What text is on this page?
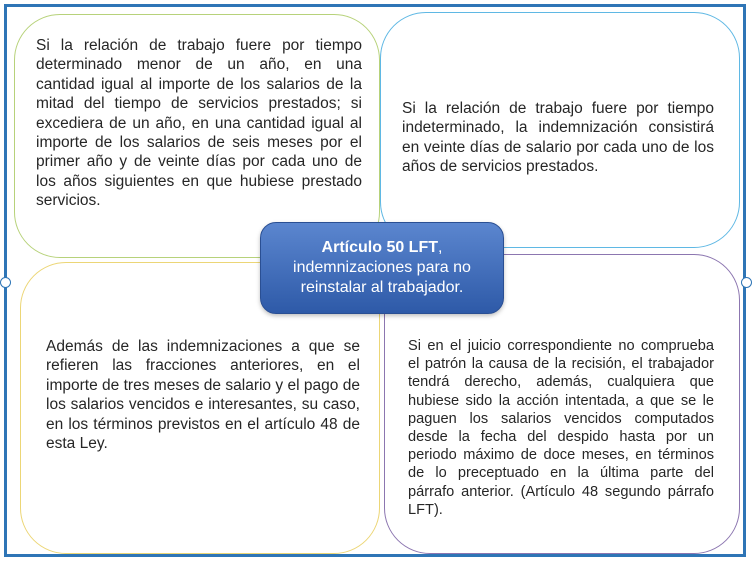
Si la relación de trabajo fuere por tiempo determinado menor de un año, en una cantidad igual al importe de los salarios de la mitad del tiempo de servicios prestados; si excediera de un año, en una cantidad igual al importe de los salarios de seis meses por el primer año y de veinte días por cada uno de los años siguientes en que hubiese prestado servicios.

Si la relación de trabajo fuere por tiempo indeterminado, la indemnización consistirá en veinte días de salario por cada uno de los años de servicios prestados.

Además de las indemnizaciones a que se refieren las fracciones anteriores, en el importe de tres meses de salario y el pago de los salarios vencidos e interesantes, su caso, en los términos previstos en el artículo 48 de esta Ley.

Si en el juicio correspondiente no comprueba el patrón la causa de la recisión, el trabajador tendrá derecho, además, cualquiera que hubiese sido la acción intentada, a que se le paguen los salarios vencidos computados desde la fecha del despido hasta por un periodo máximo de doce meses, en términos de lo preceptuado en la última parte del párrafo anterior. (Artículo 48 segundo párrafo LFT).

Artículo 50 LFT,
indemnizaciones para no reinstalar al trabajador.
